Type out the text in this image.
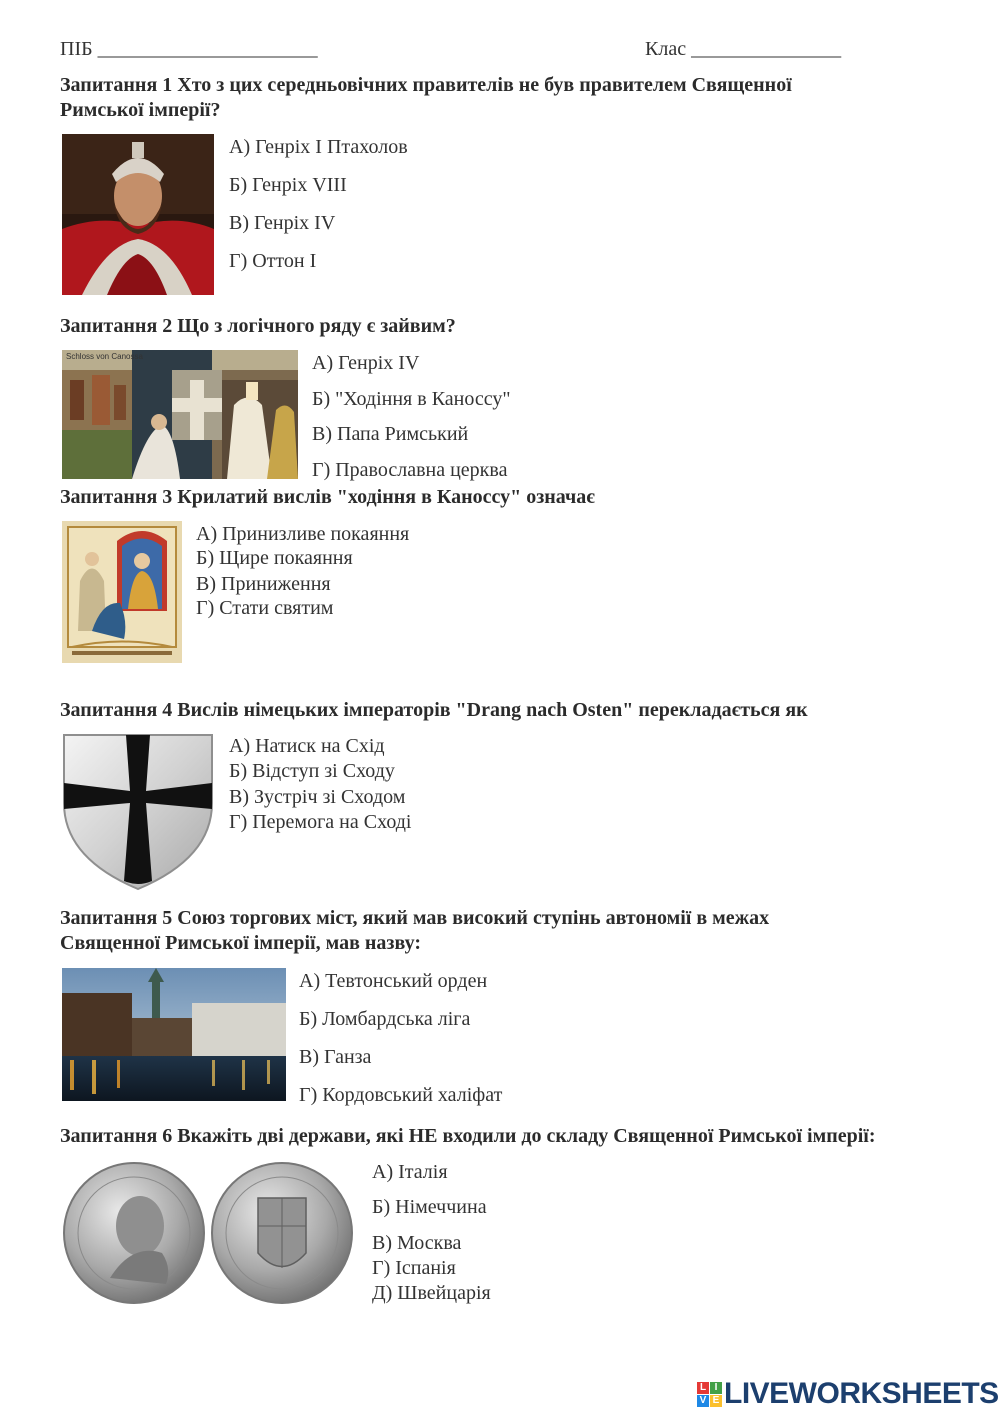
ПІБ ______________________	Клас _______________
Запитання 1 Хто з цих середньовічних правителів не був правителем Священної
Римської імперії?
А) Генріх І Птахолов
Б) Генріх VIII
В) Генріх IV
Г) Оттон І
Запитання 2 Що з логічного ряду є зайвим?
Schloss von Canossa	А) Генріх IV
Б) "Ходіння в Каноссу"
В) Папа Римський
Г) Православна церква
Запитання 3 Крилатий вислів "ходіння в Каноссу" означає
А) Принизливе покаяння
Б) Щире покаяння
В) Приниження
Г) Стати святим
Запитання 4 Вислів німецьких імператорів "Drang nach Osten" перекладається як
А) Натиск на Схід
Б) Відступ зі Сходу
В) Зустріч зі Сходом
Г) Перемога на Сході
Запитання 5 Союз торгових міст, який мав високий ступінь автономії в межах
Священної Римської імперії, мав назву:
А) Тевтонський орден
Б) Ломбардська ліга
В) Ганза
Г) Кордовський халіфат
Запитання 6 Вкажіть дві держави, які НЕ входили до складу Священної Римської імперії:
А) Італія
Б) Німеччина
В) Москва
Г) Іспанія
Д) Швейцарія
L I
V E LIVEWORKSHEETS
